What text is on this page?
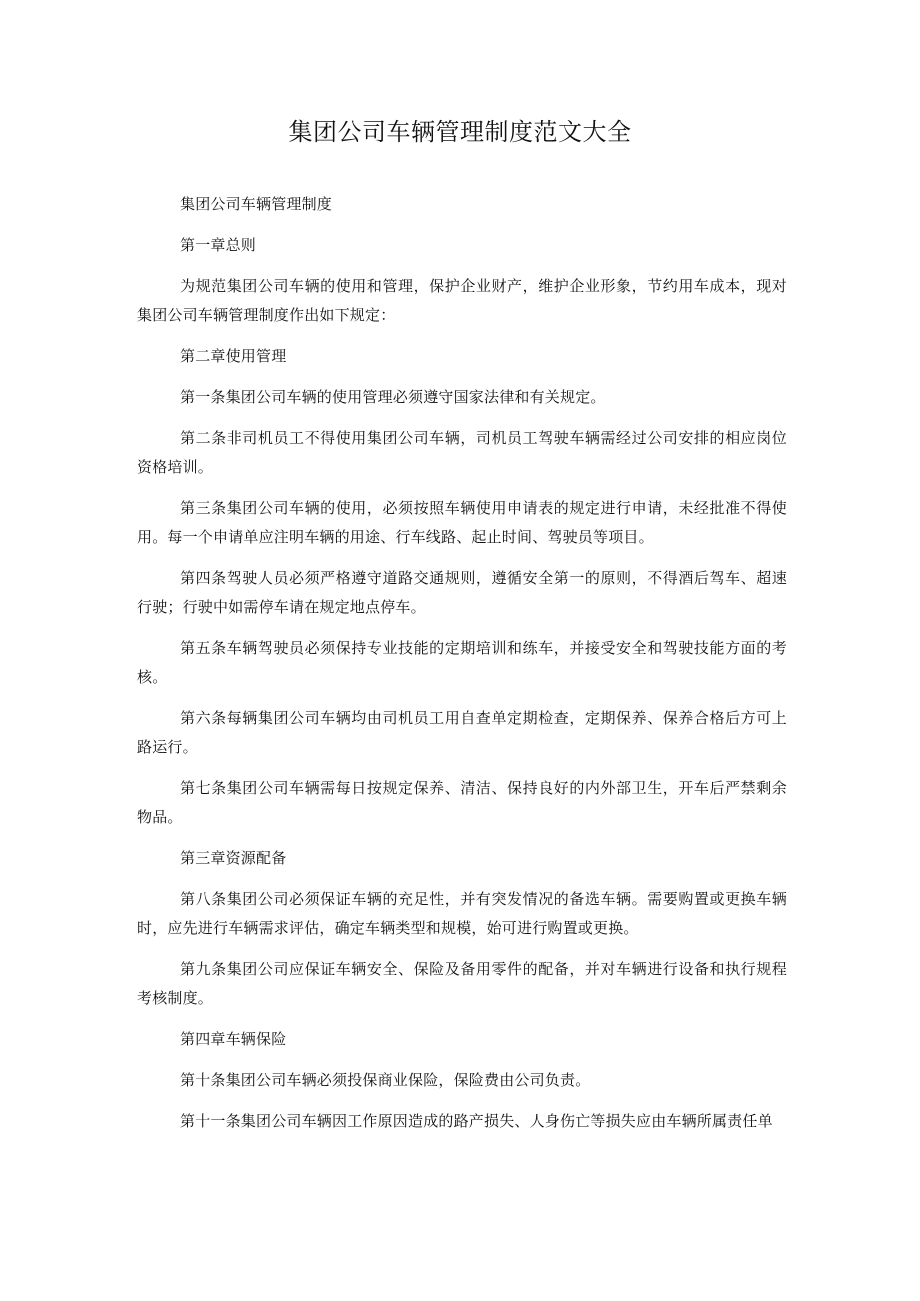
集团公司车辆管理制度范文大全

集团公司车辆管理制度

第一章总则

为规范集团公司车辆的使用和管理，保护企业财产，维护企业形象，节约用车成本，现对集团公司车辆管理制度作出如下规定：

第二章使用管理

第一条集团公司车辆的使用管理必须遵守国家法律和有关规定。

第二条非司机员工不得使用集团公司车辆，司机员工驾驶车辆需经过公司安排的相应岗位资格培训。

第三条集团公司车辆的使用，必须按照车辆使用申请表的规定进行申请，未经批准不得使用。每一个申请单应注明车辆的用途、行车线路、起止时间、驾驶员等项目。

第四条驾驶人员必须严格遵守道路交通规则，遵循安全第一的原则，不得酒后驾车、超速行驶；行驶中如需停车请在规定地点停车。

第五条车辆驾驶员必须保持专业技能的定期培训和练车，并接受安全和驾驶技能方面的考核。

第六条每辆集团公司车辆均由司机员工用自查单定期检查，定期保养、保养合格后方可上路运行。

第七条集团公司车辆需每日按规定保养、清洁、保持良好的内外部卫生，开车后严禁剩余物品。

第三章资源配备

第八条集团公司必须保证车辆的充足性，并有突发情况的备选车辆。需要购置或更换车辆时，应先进行车辆需求评估，确定车辆类型和规模，始可进行购置或更换。

第九条集团公司应保证车辆安全、保险及备用零件的配备，并对车辆进行设备和执行规程考核制度。

第四章车辆保险

第十条集团公司车辆必须投保商业保险，保险费由公司负责。

第十一条集团公司车辆因工作原因造成的路产损失、人身伤亡等损失应由车辆所属责任单
